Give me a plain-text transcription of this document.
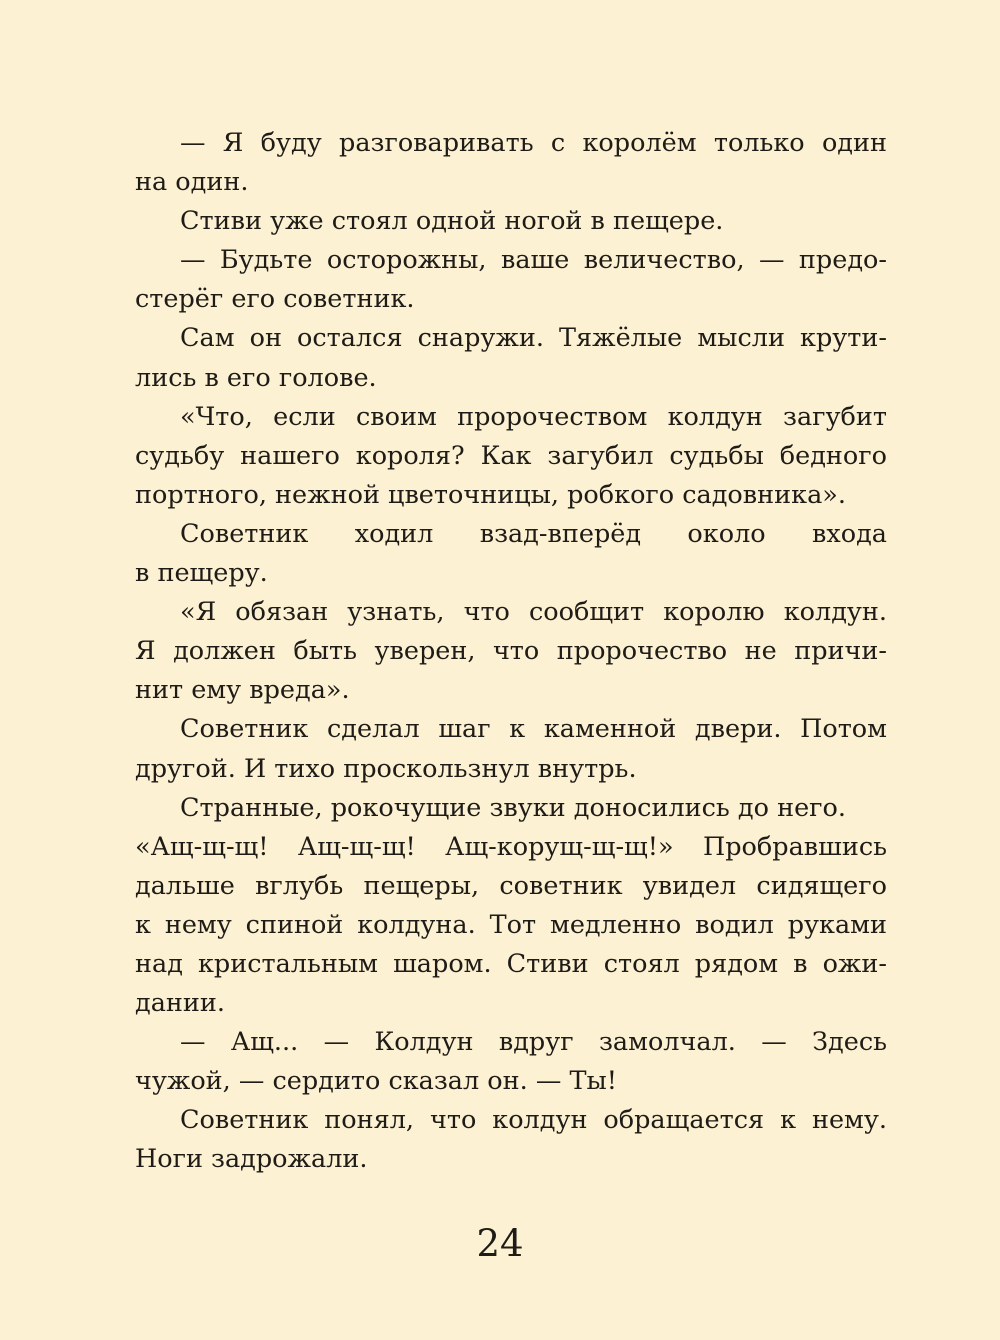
— Я буду разговаривать с королём только один
на один.
Стиви уже стоял одной ногой в пещере.
— Будьте осторожны, ваше величество, — предо-
стерёг его советник.
Сам он остался снаружи. Тяжёлые мысли крути-
лись в его голове.
«Что, если своим пророчеством колдун загубит
судьбу нашего короля? Как загубил судьбы бедного
портного, нежной цветочницы, робкого садовника».
Советник ходил взад-вперёд около входа
в пещеру.
«Я обязан узнать, что сообщит королю колдун.
Я должен быть уверен, что пророчество не причи-
нит ему вреда».
Советник сделал шаг к каменной двери. Потом
другой. И тихо проскользнул внутрь.
Странные, рокочущие звуки доносились до него.
«Ащ-щ-щ! Ащ-щ-щ! Ащ-корущ-щ-щ!» Пробравшись
дальше вглубь пещеры, советник увидел сидящего
к нему спиной колдуна. Тот медленно водил руками
над кристальным шаром. Стиви стоял рядом в ожи-
дании.
— Ащ... — Колдун вдруг замолчал. — Здесь
чужой, — сердито сказал он. — Ты!
Советник понял, что колдун обращается к нему.
Ноги задрожали.
24
